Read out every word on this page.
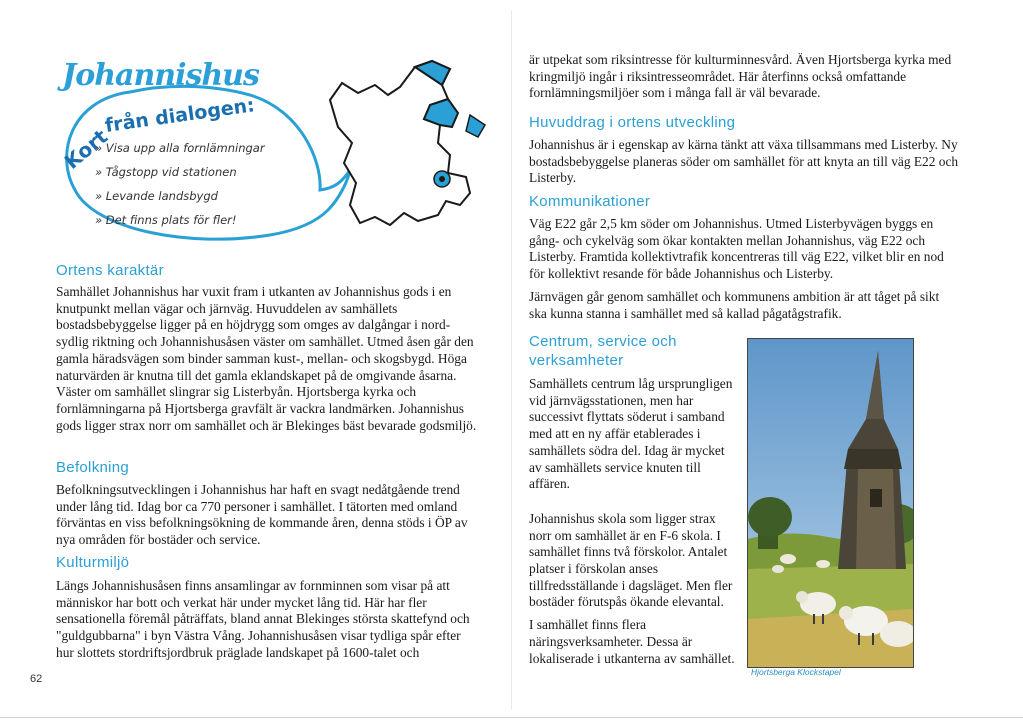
Johannishus
Kort
från dialogen:
» Visa upp alla fornlämningar
» Tågstopp vid stationen
» Levande landsbygd
» Det finns plats för fler!
Ortens karaktär

Samhället Johannishus har vuxit fram i utkanten av Johannishus gods i en knutpunkt mellan vägar och järnväg. Huvuddelen av samhällets bostadsbebyggelse ligger på en höjdrygg som omges av dalgångar i nord-sydlig riktning och Johannishusåsen väster om samhället. Utmed åsen går den gamla häradsvägen som binder samman kust-, mellan- och skogsbygd. Höga naturvärden är knutna till det gamla eklandskapet på de omgivande åsarna. Väster om samhället slingrar sig Listerbyån. Hjortsberga kyrka och fornlämningarna på Hjortsberga gravfält är vackra landmärken. Johannishus gods ligger strax norr om samhället och är Blekinges bäst bevarade godsmiljö.

Befolkning

Befolkningsutvecklingen i Johannishus har haft en svagt nedåtgående trend under lång tid. Idag bor ca 770 personer i samhället. I tätorten med omland förväntas en viss befolkningsökning de kommande åren, denna stöds i ÖP av nya områden för bostäder och service.

Kulturmiljö

Längs Johannishusåsen finns ansamlingar av fornminnen som visar på att människor har bott och verkat här under mycket lång tid. Här har fler sensationella föremål påträffats, bland annat Blekinges största skattefynd och "guldgubbarna" i byn Västra Vång. Johannishusåsen visar tydliga spår efter hur slottets stordriftsjordbruk präglade landskapet på 1600-talet och

är utpekat som riksintresse för kulturminnesvård. Även Hjortsberga kyrka med kringmiljö ingår i riksintresseområdet. Här återfinns också omfattande fornlämningsmiljöer som i många fall är väl bevarade.

Huvuddrag i ortens utveckling

Johannishus är i egenskap av kärna tänkt att växa tillsammans med Listerby. Ny bostadsbebyggelse planeras söder om samhället för att knyta an till väg E22 och Listerby.

Kommunikationer

Väg E22 går 2,5 km söder om Johannishus. Utmed Listerbyvägen byggs en gång- och cykelväg som ökar kontakten mellan Johannishus, väg E22 och Listerby. Framtida kollektivtrafik koncentreras till väg E22, vilket blir en nod för kollektivt resande för både Johannishus och Listerby.

Järnvägen går genom samhället och kommunens ambition är att tåget på sikt ska kunna stanna i samhället med så kallad pågatågstrafik.

Centrum, service och
verksamheter

Samhällets centrum låg ursprungligen vid järnvägsstationen, men har successivt flyttats söderut i samband med att en ny affär etablerades i samhällets södra del. Idag är mycket av samhällets service knuten till affären.

Johannishus skola som ligger strax norr om samhället är en F-6 skola. I samhället finns två förskolor. Antalet platser i förskolan anses tillfredsställande i dagsläget. Men fler bostäder förutspås ökande elevantal.

I samhället finns flera näringsverksamheter. Dessa är lokaliserade i utkanterna av samhället.

Hjortsberga Klockstapel
62
